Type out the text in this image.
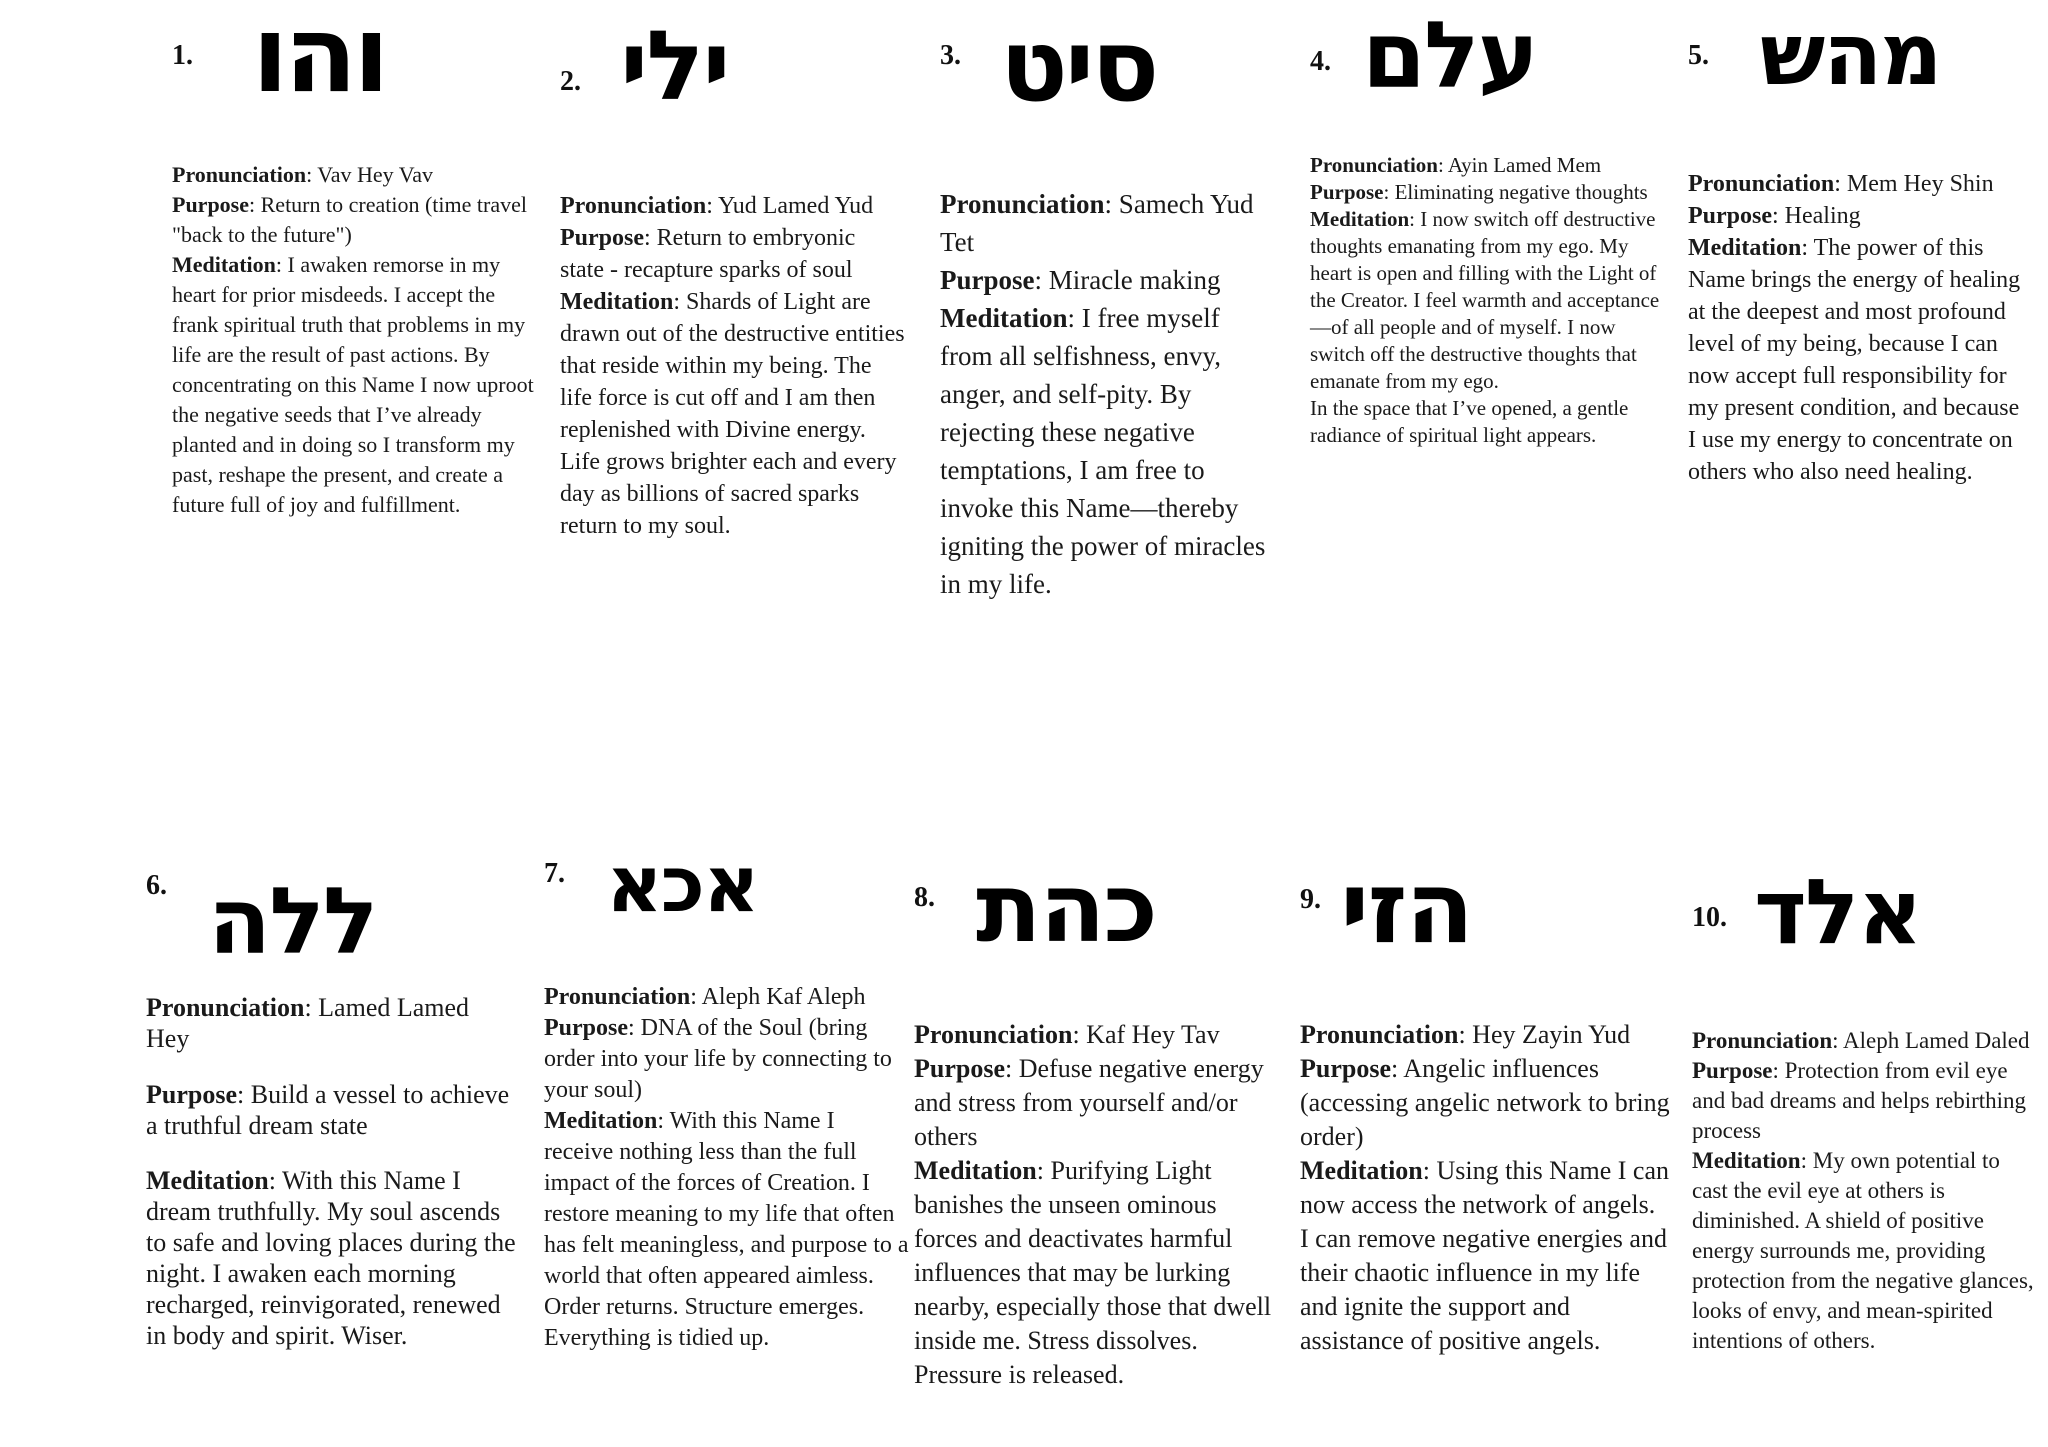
1. והו

Pronunciation: Vav Hey Vav

Purpose: Return to creation (time travel "back to the future")

Meditation: I awaken remorse in my heart for prior misdeeds. I accept the frank spiritual truth that problems in my life are the result of past actions. By concentrating on this Name I now uproot the negative seeds that I’ve already planted and in doing so I transform my past, reshape the present, and create a future full of joy and fulfillment.

2. ילי

Pronunciation: Yud Lamed Yud

Purpose: Return to embryonic state - recapture sparks of soul

Meditation: Shards of Light are drawn out of the destructive entities that reside within my being. The life force is cut off and I am then replenished with Divine energy. Life grows brighter each and every day as billions of sacred sparks return to my soul.

3. סיט

Pronunciation: Samech Yud Tet

Purpose: Miracle making

Meditation: I free myself from all selfishness, envy, anger, and self-pity. By rejecting these negative temptations, I am free to invoke this Name—thereby igniting the power of miracles in my life.

4. עלם

Pronunciation: Ayin Lamed Mem

Purpose: Eliminating negative thoughts

Meditation: I now switch off destructive thoughts emanating from my ego. My heart is open and filling with the Light of the Creator. I feel warmth and acceptance—of all people and of myself. I now switch off the destructive thoughts that emanate from my ego.

In the space that I’ve opened, a gentle radiance of spiritual light appears.

5. מהש

Pronunciation: Mem Hey Shin

Purpose: Healing

Meditation: The power of this Name brings the energy of healing at the deepest and most profound level of my being, because I can now accept full responsibility for my present condition, and because I use my energy to concentrate on others who also need healing.

6. ללה

Pronunciation: Lamed Lamed Hey

Purpose: Build a vessel to achieve a truthful dream state

Meditation: With this Name I dream truthfully. My soul ascends to safe and loving places during the night. I awaken each morning recharged, reinvigorated, renewed in body and spirit. Wiser.

7. אכא

Pronunciation: Aleph Kaf Aleph

Purpose: DNA of the Soul (bring order into your life by connecting to your soul)

Meditation: With this Name I receive nothing less than the full impact of the forces of Creation. I restore meaning to my life that often has felt meaningless, and purpose to a world that often appeared aimless. Order returns. Structure emerges. Everything is tidied up.

8. כהת

Pronunciation: Kaf Hey Tav

Purpose: Defuse negative energy and stress from yourself and/or others

Meditation: Purifying Light banishes the unseen ominous forces and deactivates harmful influences that may be lurking nearby, especially those that dwell inside me. Stress dissolves. Pressure is released.

9. הזי

Pronunciation: Hey Zayin Yud

Purpose: Angelic influences (accessing angelic network to bring order)

Meditation: Using this Name I can now access the network of angels. I can remove negative energies and their chaotic influence in my life and ignite the support and assistance of positive angels.

10. אלד

Pronunciation: Aleph Lamed Daled

Purpose: Protection from evil eye and bad dreams and helps rebirthing process

Meditation: My own potential to cast the evil eye at others is diminished. A shield of positive energy surrounds me, providing protection from the negative glances, looks of envy, and mean-spirited intentions of others.
